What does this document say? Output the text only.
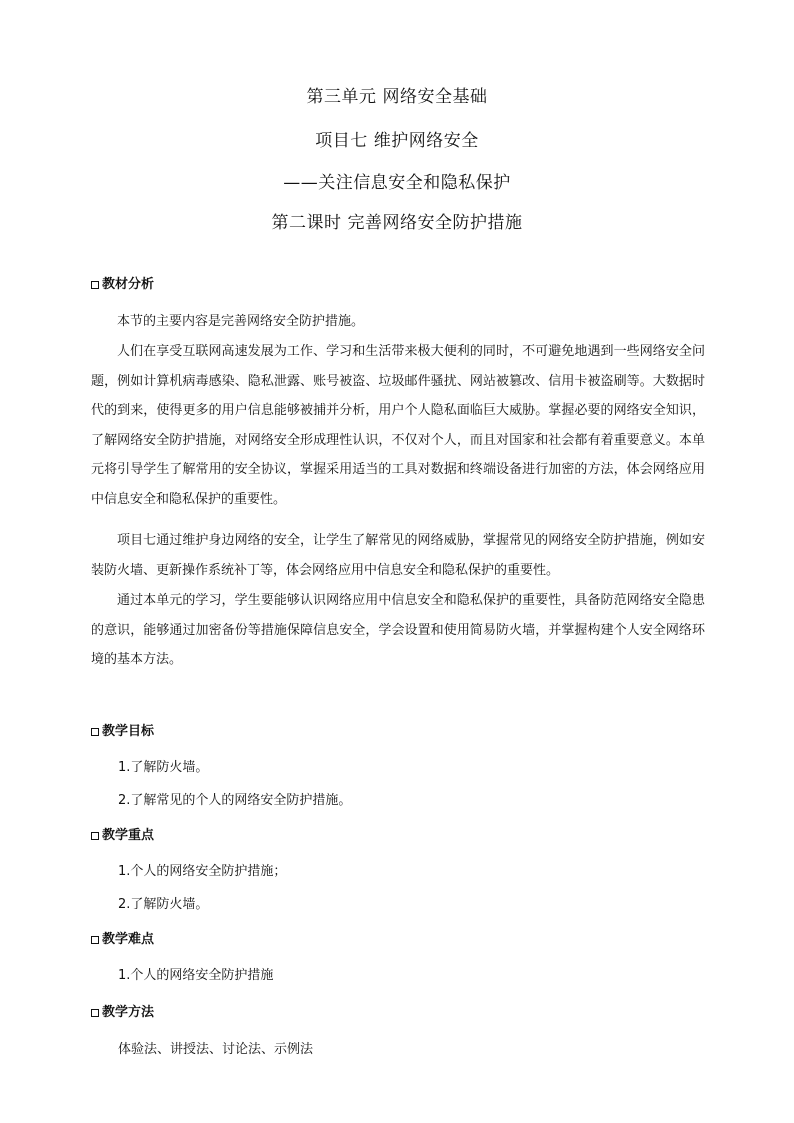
第三单元 网络安全基础
项目七 维护网络安全
——关注信息安全和隐私保护
第二课时 完善网络安全防护措施
教材分析

本节的主要内容是完善网络安全防护措施。

人们在享受互联网高速发展为工作、学习和生活带来极大便利的同时，不可避免地遇到一些网络安全问题，例如计算机病毒感染、隐私泄露、账号被盗、垃圾邮件骚扰、网站被篡改、信用卡被盗刷等。大数据时代的到来，使得更多的用户信息能够被捕并分析，用户个人隐私面临巨大威胁。掌握必要的网络安全知识，了解网络安全防护措施，对网络安全形成理性认识，不仅对个人，而且对国家和社会都有着重要意义。本单元将引导学生了解常用的安全协议，掌握采用适当的工具对数据和终端设备进行加密的方法，体会网络应用中信息安全和隐私保护的重要性。

项目七通过维护身边网络的安全，让学生了解常见的网络威胁，掌握常见的网络安全防护措施，例如安装防火墙、更新操作系统补丁等，体会网络应用中信息安全和隐私保护的重要性。

通过本单元的学习，学生要能够认识网络应用中信息安全和隐私保护的重要性，具备防范网络安全隐患的意识，能够通过加密备份等措施保障信息安全，学会设置和使用简易防火墙，并掌握构建个人安全网络环境的基本方法。

教学目标
1.了解防火墙。
2.了解常见的个人的网络安全防护措施。
教学重点
1.个人的网络安全防护措施；
2.了解防火墙。
教学难点
1.个人的网络安全防护措施
教学方法
体验法、讲授法、讨论法、示例法
